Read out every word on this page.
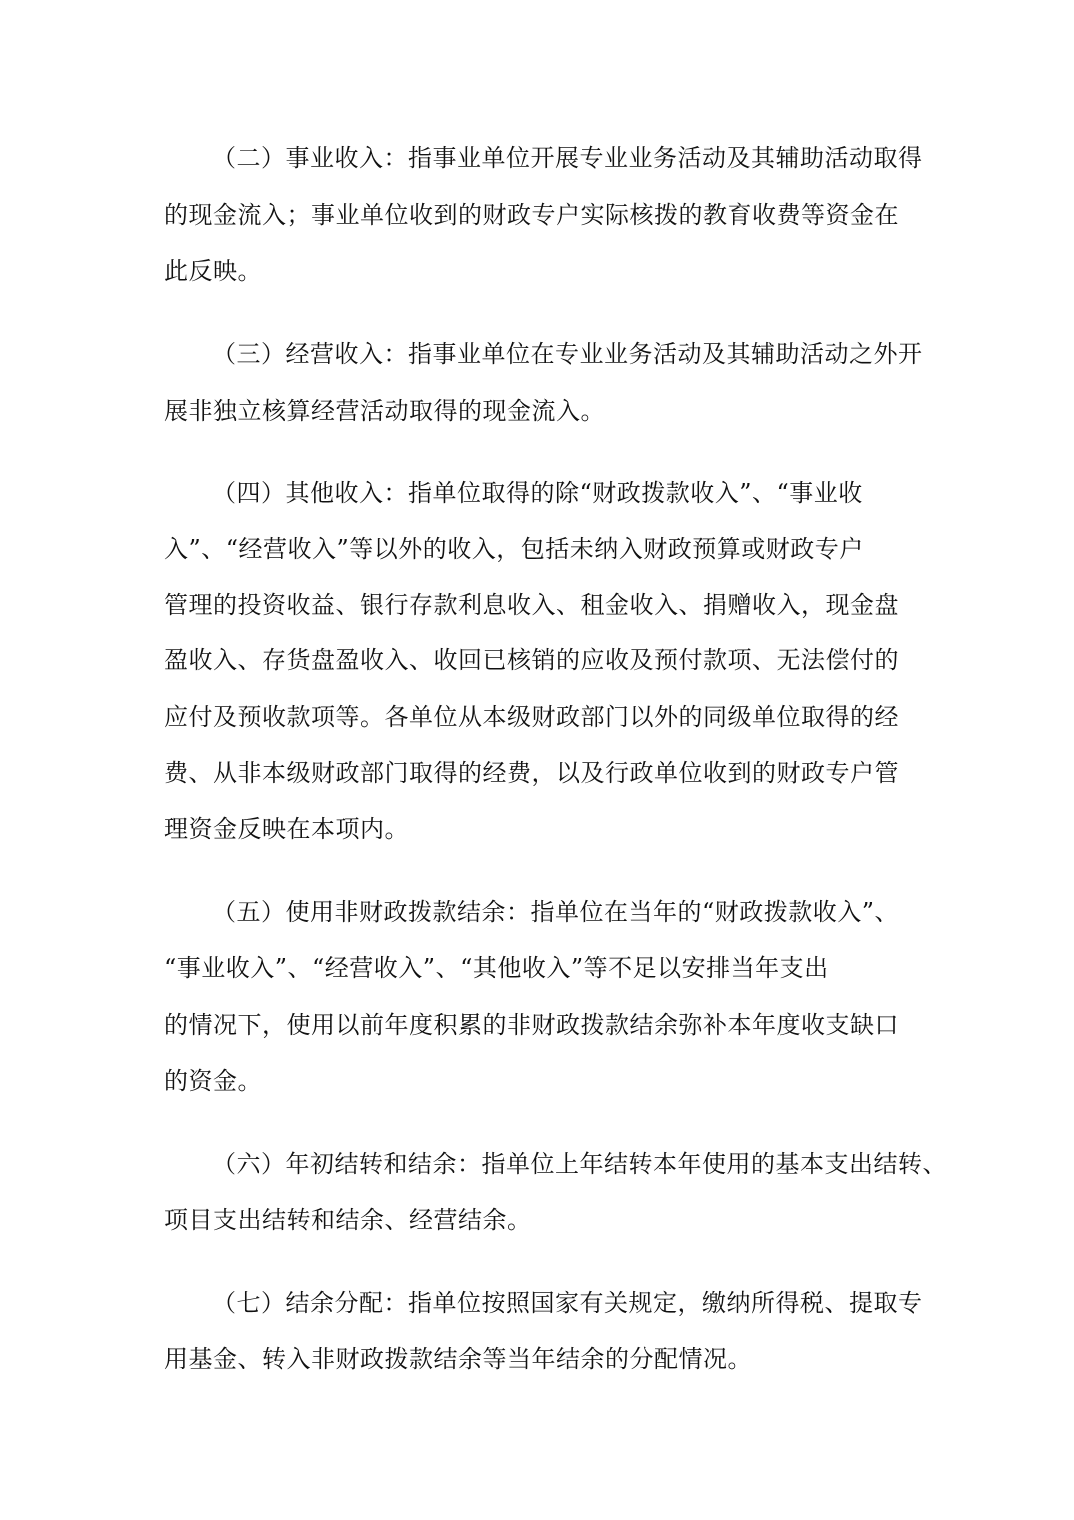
（二）事业收入：指事业单位开展专业业务活动及其辅助活动取得
的现金流入；事业单位收到的财政专户实际核拨的教育收费等资金在
此反映。
（三）经营收入：指事业单位在专业业务活动及其辅助活动之外开
展非独立核算经营活动取得的现金流入。
（四）其他收入：指单位取得的除“财政拨款收入”、“事业收
入”、“经营收入”等以外的收入，包括未纳入财政预算或财政专户
管理的投资收益、银行存款利息收入、租金收入、捐赠收入，现金盘
盈收入、存货盘盈收入、收回已核销的应收及预付款项、无法偿付的
应付及预收款项等。各单位从本级财政部门以外的同级单位取得的经
费、从非本级财政部门取得的经费，以及行政单位收到的财政专户管
理资金反映在本项内。
（五）使用非财政拨款结余：指单位在当年的“财政拨款收入”、
“事业收入”、“经营收入”、“其他收入”等不足以安排当年支出
的情况下，使用以前年度积累的非财政拨款结余弥补本年度收支缺口
的资金。
（六）年初结转和结余：指单位上年结转本年使用的基本支出结转、
项目支出结转和结余、经营结余。
（七）结余分配：指单位按照国家有关规定，缴纳所得税、提取专
用基金、转入非财政拨款结余等当年结余的分配情况。
